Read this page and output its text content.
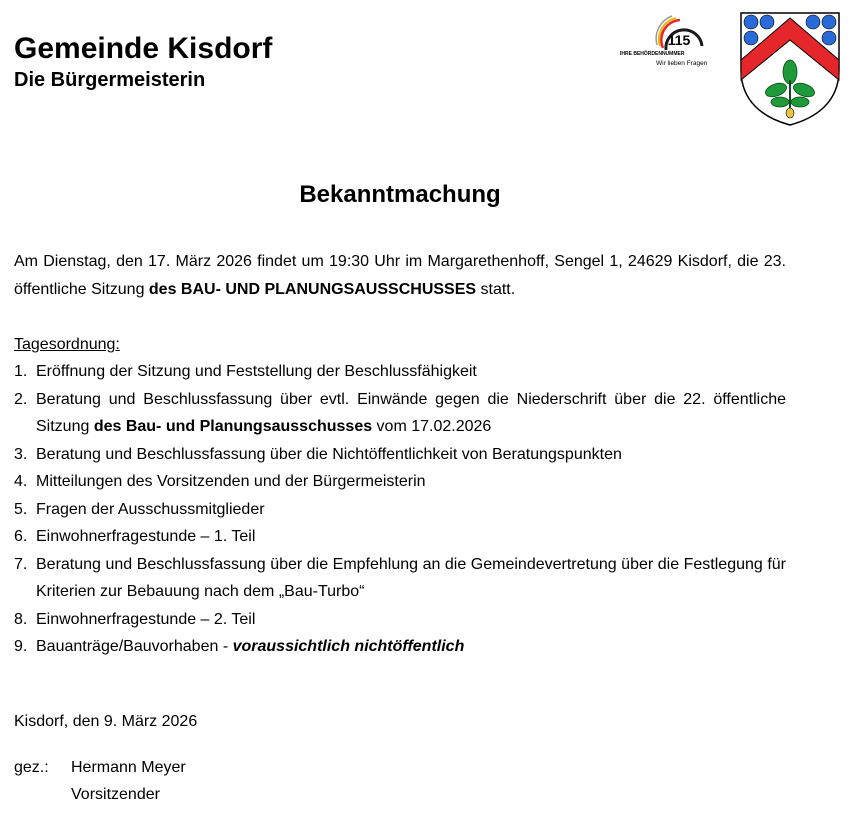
Gemeinde Kisdorf
Die Bürgermeisterin
115
IHRE BEHÖRDENNUMMER
Wir lieben Fragen
Bekanntmachung

Am Dienstag, den 17. März 2026 findet um 19:30 Uhr im Margarethenhoff, Sengel 1, 24629 Kisdorf, die 23. öffentliche Sitzung des BAU- UND PLANUNGSAUSSCHUSSES statt.

Tagesordnung:
1. Eröffnung der Sitzung und Feststellung der Beschlussfähigkeit
2. Beratung und Beschlussfassung über evtl. Einwände gegen die Niederschrift über die 22. öffentliche Sitzung des Bau- und Planungsausschusses vom 17.02.2026
3. Beratung und Beschlussfassung über die Nichtöffentlichkeit von Beratungspunkten
4. Mitteilungen des Vorsitzenden und der Bürgermeisterin
5. Fragen der Ausschussmitglieder
6. Einwohnerfragestunde – 1. Teil
7. Beratung und Beschlussfassung über die Empfehlung an die Gemeindevertretung über die Festlegung für Kriterien zur Bebauung nach dem „Bau-Turbo“
8. Einwohnerfragestunde – 2. Teil
9. Bauanträge/Bauvorhaben - voraussichtlich nichtöffentlich

Kisdorf, den 9. März 2026

gez.: Hermann Meyer
Vorsitzender
